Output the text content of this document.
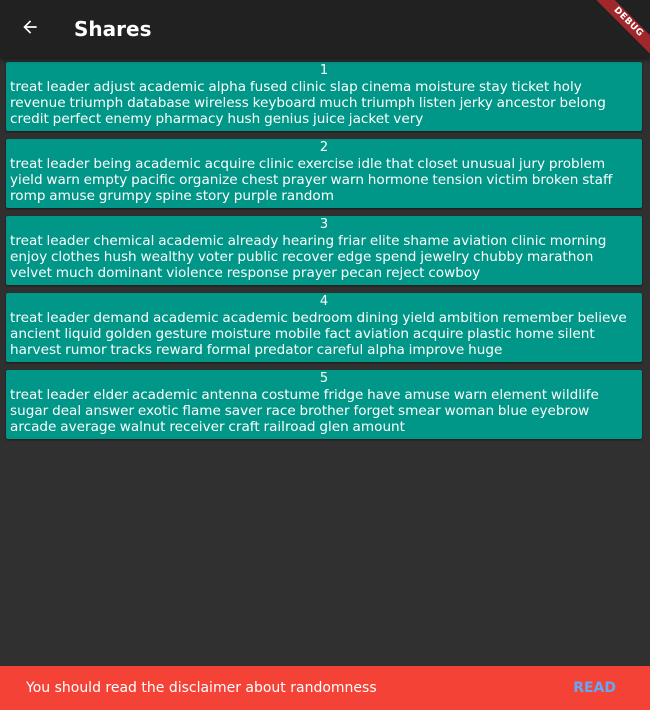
Shares	DEBUG
1
treat leader adjust academic alpha fused clinic slap cinema moisture stay ticket holy revenue triumph database wireless keyboard much triumph listen jerky ancestor belong credit perfect enemy pharmacy hush genius juice jacket very
2
treat leader being academic acquire clinic exercise idle that closet unusual jury problem yield warn empty pacific organize chest prayer warn hormone tension victim broken staff romp amuse grumpy spine story purple random
3
treat leader chemical academic already hearing friar elite shame aviation clinic morning enjoy clothes hush wealthy voter public recover edge spend jewelry chubby marathon velvet much dominant violence response prayer pecan reject cowboy
4
treat leader demand academic academic bedroom dining yield ambition remember believe ancient liquid golden gesture moisture mobile fact aviation acquire plastic home silent harvest rumor tracks reward formal predator careful alpha improve huge
5
treat leader elder academic antenna costume fridge have amuse warn element wildlife sugar deal answer exotic flame saver race brother forget smear woman blue eyebrow arcade average walnut receiver craft railroad glen amount
You should read the disclaimer about randomness	READ
